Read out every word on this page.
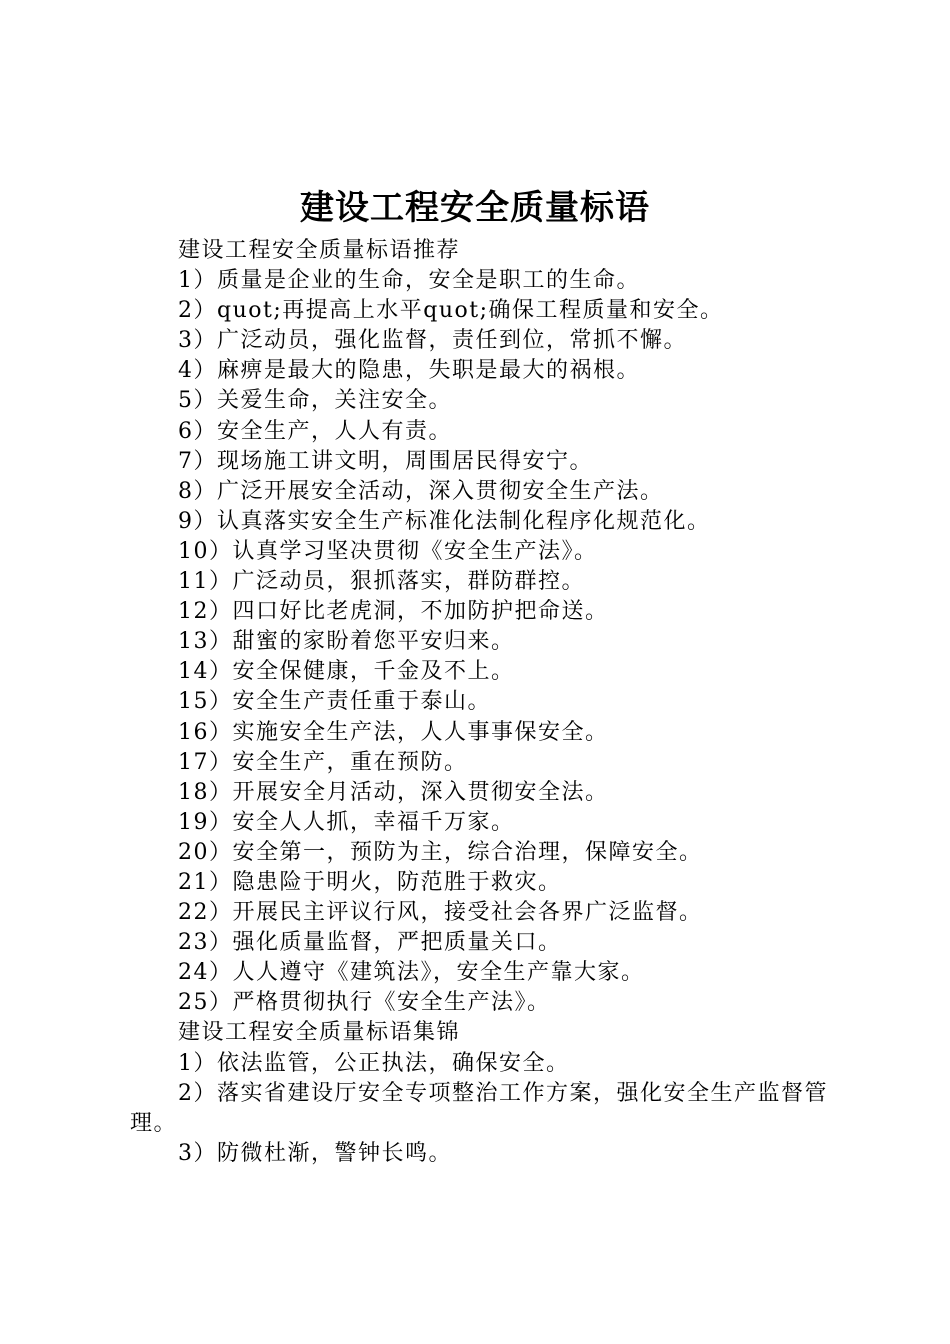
建设工程安全质量标语

建设工程安全质量标语推荐

1）质量是企业的生命，安全是职工的生命。

2）quot;再提高上水平quot;确保工程质量和安全。

3）广泛动员，强化监督，责任到位，常抓不懈。

4）麻痹是最大的隐患，失职是最大的祸根。

5）关爱生命，关注安全。

6）安全生产，人人有责。

7）现场施工讲文明，周围居民得安宁。

8）广泛开展安全活动，深入贯彻安全生产法。

9）认真落实安全生产标准化法制化程序化规范化。

10）认真学习坚决贯彻《安全生产法》。

11）广泛动员，狠抓落实，群防群控。

12）四口好比老虎洞，不加防护把命送。

13）甜蜜的家盼着您平安归来。

14）安全保健康，千金及不上。

15）安全生产责任重于泰山。

16）实施安全生产法，人人事事保安全。

17）安全生产，重在预防。

18）开展安全月活动，深入贯彻安全法。

19）安全人人抓，幸福千万家。

20）安全第一，预防为主，综合治理，保障安全。

21）隐患险于明火，防范胜于救灾。

22）开展民主评议行风，接受社会各界广泛监督。

23）强化质量监督，严把质量关口。

24）人人遵守《建筑法》，安全生产靠大家。

25）严格贯彻执行《安全生产法》。

建设工程安全质量标语集锦

1）依法监管，公正执法，确保安全。

2）落实省建设厅安全专项整治工作方案，强化安全生产监督管理。

3）防微杜渐，警钟长鸣。
